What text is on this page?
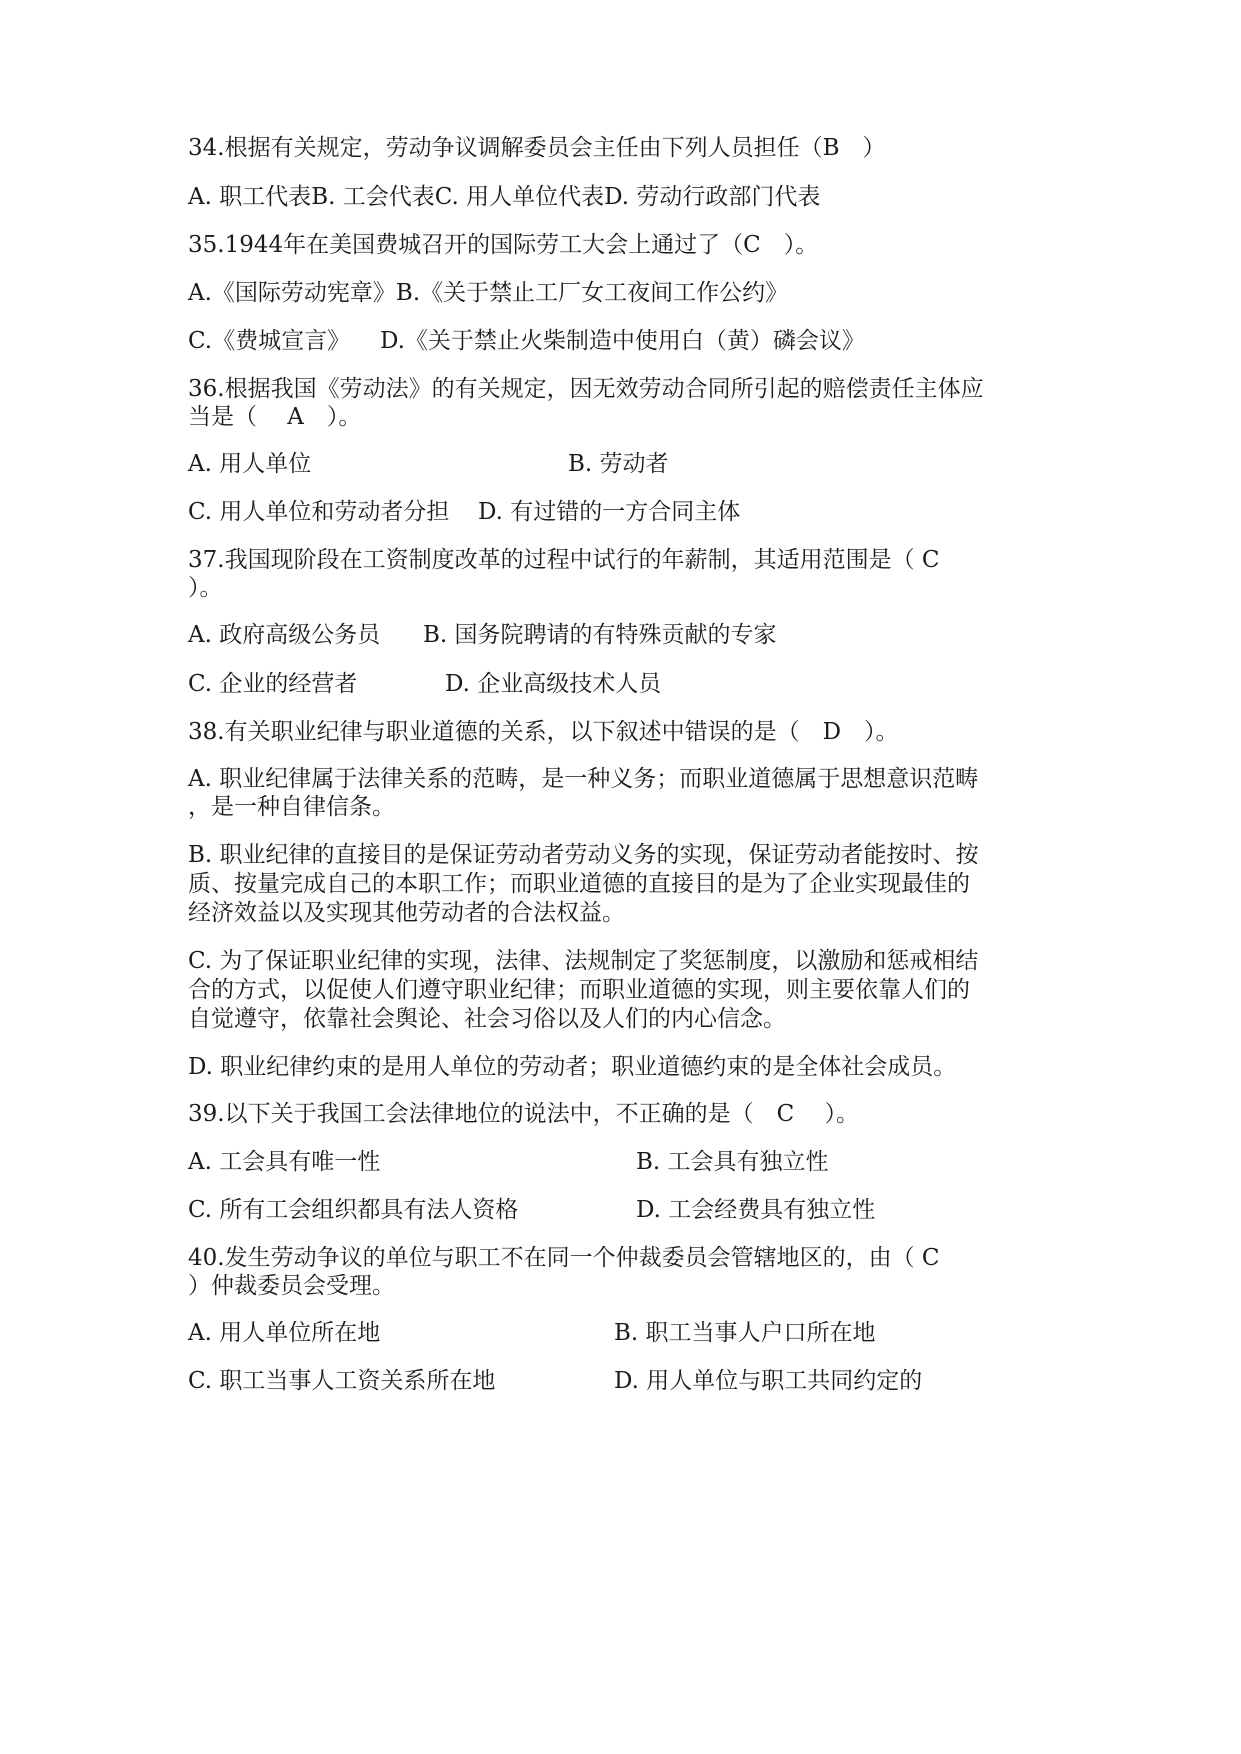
34.根据有关规定，劳动争议调解委员会主任由下列人员担任（B　）

A. 职工代表B. 工会代表C. 用人单位代表D. 劳动行政部门代表

35.1944年在美国费城召开的国际劳工大会上通过了（C　）。

A.《国际劳动宪章》B.《关于禁止工厂女工夜间工作公约》

C.《费城宣言》 D.《关于禁止火柴制造中使用白（黄）磷会议》

36.根据我国《劳动法》的有关规定，因无效劳动合同所引起的赔偿责任主体应

当是（　 A　）。

A. 用人单位	B. 劳动者

C. 用人单位和劳动者分担 D. 有过错的一方合同主体

37.我国现阶段在工资制度改革的过程中试行的年薪制，其适用范围是（ C

）。

A. 政府高级公务员 B. 国务院聘请的有特殊贡献的专家

C. 企业的经营者	D. 企业高级技术人员

38.有关职业纪律与职业道德的关系，以下叙述中错误的是（　D　）。

A. 职业纪律属于法律关系的范畴，是一种义务；而职业道德属于思想意识范畴

，是一种自律信条。

B. 职业纪律的直接目的是保证劳动者劳动义务的实现，保证劳动者能按时、按

质、按量完成自己的本职工作；而职业道德的直接目的是为了企业实现最佳的

经济效益以及实现其他劳动者的合法权益。

C. 为了保证职业纪律的实现，法律、法规制定了奖惩制度，以激励和惩戒相结

合的方式，以促使人们遵守职业纪律；而职业道德的实现，则主要依靠人们的

自觉遵守，依靠社会舆论、社会习俗以及人们的内心信念。

D. 职业纪律约束的是用人单位的劳动者；职业道德约束的是全体社会成员。

39.以下关于我国工会法律地位的说法中，不正确的是（　C　 ）。

A. 工会具有唯一性	B. 工会具有独立性

C. 所有工会组织都具有法人资格	D. 工会经费具有独立性

40.发生劳动争议的单位与职工不在同一个仲裁委员会管辖地区的，由（ C

）仲裁委员会受理。

A. 用人单位所在地	B. 职工当事人户口所在地

C. 职工当事人工资关系所在地	D. 用人单位与职工共同约定的
